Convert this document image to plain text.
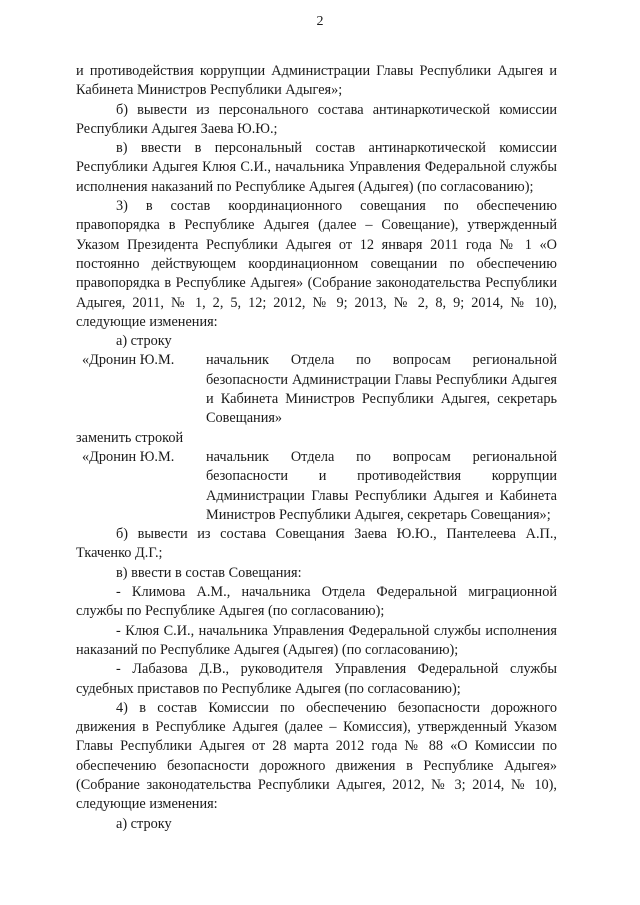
2

и противодействия коррупции Администрации Главы Республики Адыгея и Кабинета Министров Республики Адыгея»;

б) вывести из персонального состава антинаркотической комиссии Республики Адыгея Заева Ю.Ю.;

в) ввести в персональный состав антинаркотической комиссии Республики Адыгея Клюя С.И., начальника Управления Федеральной службы исполнения наказаний по Республике Адыгея (Адыгея) (по согласованию);

3) в состав координационного совещания по обеспечению правопорядка в Республике Адыгея (далее – Совещание), утвержденный Указом Президента Республики Адыгея от 12 января 2011 года № 1 «О постоянно действующем координационном совещании по обеспечению правопорядка в Республике Адыгея» (Собрание законодательства Республики Адыгея, 2011, № 1, 2, 5, 12; 2012, № 9; 2013, № 2, 8, 9; 2014, № 10), следующие изменения:

а) строку

«Дронин Ю.М.	начальник Отдела по вопросам региональной безопасности Администрации Главы Республики Адыгея и Кабинета Министров Республики Адыгея, секретарь Совещания»

заменить строкой

«Дронин Ю.М.	начальник Отдела по вопросам региональной безопасности и противодействия коррупции Администрации Главы Республики Адыгея и Кабинета Министров Республики Адыгея, секретарь Совещания»;

б) вывести из состава Совещания Заева Ю.Ю., Пантелеева А.П., Ткаченко Д.Г.;

в) ввести в состав Совещания:

- Климова А.М., начальника Отдела Федеральной миграционной службы по Республике Адыгея (по согласованию);

- Клюя С.И., начальника Управления Федеральной службы исполнения наказаний по Республике Адыгея (Адыгея) (по согласованию);

- Лабазова Д.В., руководителя Управления Федеральной службы судебных приставов по Республике Адыгея (по согласованию);

4) в состав Комиссии по обеспечению безопасности дорожного движения в Республике Адыгея (далее – Комиссия), утвержденный Указом Главы Республики Адыгея от 28 марта 2012 года № 88 «О Комиссии по обеспечению безопасности дорожного движения в Республике Адыгея» (Собрание законодательства Республики Адыгея, 2012, № 3; 2014, № 10), следующие изменения:

а) строку
